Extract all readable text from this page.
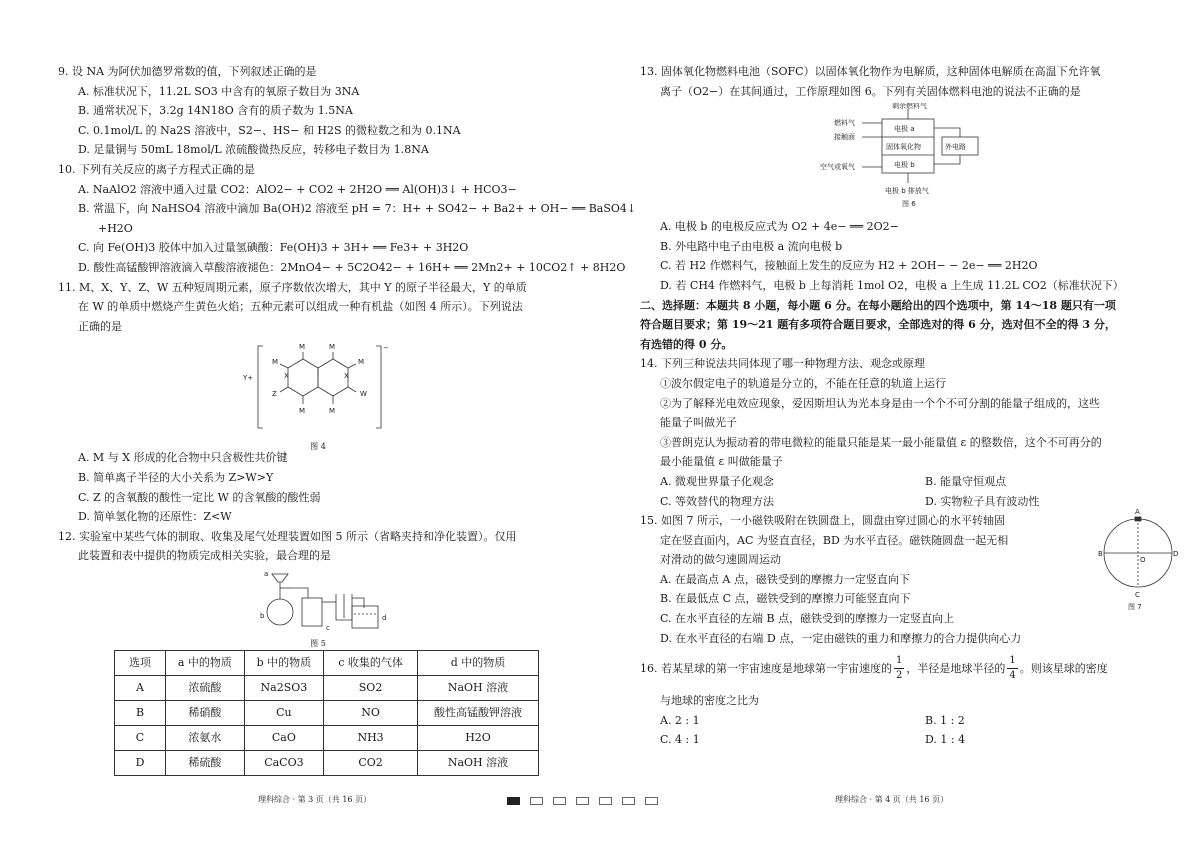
9. 设 NA 为阿伏加德罗常数的值，下列叙述正确的是

A. 标准状况下，11.2L SO3 中含有的氧原子数目为 3NA

B. 通常状况下，3.2g 14N18O 含有的质子数为 1.5NA

C. 0.1mol/L 的 Na2S 溶液中，S2−、HS− 和 H2S 的微粒数之和为 0.1NA

D. 足量铜与 50mL 18mol/L 浓硫酸微热反应，转移电子数目为 1.8NA

10. 下列有关反应的离子方程式正确的是

A. NaAlO2 溶液中通入过量 CO2：AlO2− + CO2 + 2H2O ══ Al(OH)3↓ + HCO3−

B. 常温下，向 NaHSO4 溶液中滴加 Ba(OH)2 溶液至 pH = 7：H+ + SO42− + Ba2+ + OH− ══ BaSO4↓

+H2O

C. 向 Fe(OH)3 胶体中加入过量氢碘酸：Fe(OH)3 + 3H+ ══ Fe3+ + 3H2O

D. 酸性高锰酸钾溶液滴入草酸溶液褪色：2MnO4− + 5C2O42− + 16H+ ══ 2Mn2+ + 10CO2↑ + 8H2O

11. M、X、Y、Z、W 五种短周期元素，原子序数依次增大，其中 Y 的原子半径最大，Y 的单质

在 W 的单质中燃烧产生黄色火焰；五种元素可以组成一种有机盐（如图 4 所示）。下列说法

正确的是

M	M
M	M
M	M
W
Z
Y+
−
X	X
图 4

A. M 与 X 形成的化合物中只含极性共价键

B. 简单离子半径的大小关系为 Z>W>Y

C. Z 的含氧酸的酸性一定比 W 的含氧酸的酸性弱

D. 简单氢化物的还原性：Z<W

12. 实验室中某些气体的制取、收集及尾气处理装置如图 5 所示（省略夹持和净化装置）。仅用

此装置和表中提供的物质完成相关实验，最合理的是

a
b
c
d
图 5
选项	a 中的物质	b 中的物质	c 收集的气体	d 中的物质
A	浓硫酸	Na2SO3	SO2	NaOH 溶液
B	稀硝酸	Cu	NO	酸性高锰酸钾溶液
C	浓氨水	CaO	NH3	H2O
D	稀硫酸	CaCO3	CO2	NaOH 溶液
理科综合 · 第 3 页（共 16 页）

13. 固体氧化物燃料电池（SOFC）以固体氧化物作为电解质，这种固体电解质在高温下允许氧

离子（O2−）在其间通过，工作原理如图 6。下列有关固体燃料电池的说法不正确的是

剩余燃料气
燃料气
接触面
空气或氧气
电极 a
固体氧化物
电极 b
外电路
电极 b 排放气
图 6

A. 电极 b 的电极反应式为 O2 + 4e− ══ 2O2−

B. 外电路中电子由电极 a 流向电极 b

C. 若 H2 作燃料气，接触面上发生的反应为 H2 + 2OH− − 2e− ══ 2H2O

D. 若 CH4 作燃料气，电极 b 上每消耗 1mol O2，电极 a 上生成 11.2L CO2（标准状况下）

二、选择题：本题共 8 小题，每小题 6 分。在每小题给出的四个选项中，第 14～18 题只有一项

符合题目要求；第 19～21 题有多项符合题目要求，全部选对的得 6 分，选对但不全的得 3 分，

有选错的得 0 分。

14. 下列三种说法共同体现了哪一种物理方法、观念或原理

①波尔假定电子的轨道是分立的，不能在任意的轨道上运行

②为了解释光电效应现象，爱因斯坦认为光本身是由一个个不可分割的能量子组成的，这些

能量子叫做光子

③普朗克认为振动着的带电微粒的能量只能是某一最小能量值 ε 的整数倍，这个不可再分的

最小能量值 ε 叫做能量子

A. 微观世界量子化观念	B. 能量守恒观点
C. 等效替代的物理方法	D. 实物粒子具有波动性

15. 如图 7 所示，一小磁铁吸附在铁圆盘上，圆盘由穿过圆心的水平转轴固

定在竖直面内，AC 为竖直直径，BD 为水平直径。磁铁随圆盘一起无相

对滑动的做匀速圆周运动

A. 在最高点 A 点，磁铁受到的摩擦力一定竖直向下

B. 在最低点 C 点，磁铁受到的摩擦力可能竖直向下

C. 在水平直径的左端 B 点，磁铁受到的摩擦力一定竖直向上

D. 在水平直径的右端 D 点，一定由磁铁的重力和摩擦力的合力提供向心力

A
B
C
D
O
图 7

16. 若某星球的第一宇宙速度是地球第一宇宙速度的 $\frac{1}{2}$ ，半径是地球半径的 $\frac{1}{4}$ 。则该星球的密度

与地球的密度之比为

A. 2 : 1	B. 1 : 2
C. 4 : 1	D. 1 : 4
理科综合 · 第 4 页（共 16 页）
